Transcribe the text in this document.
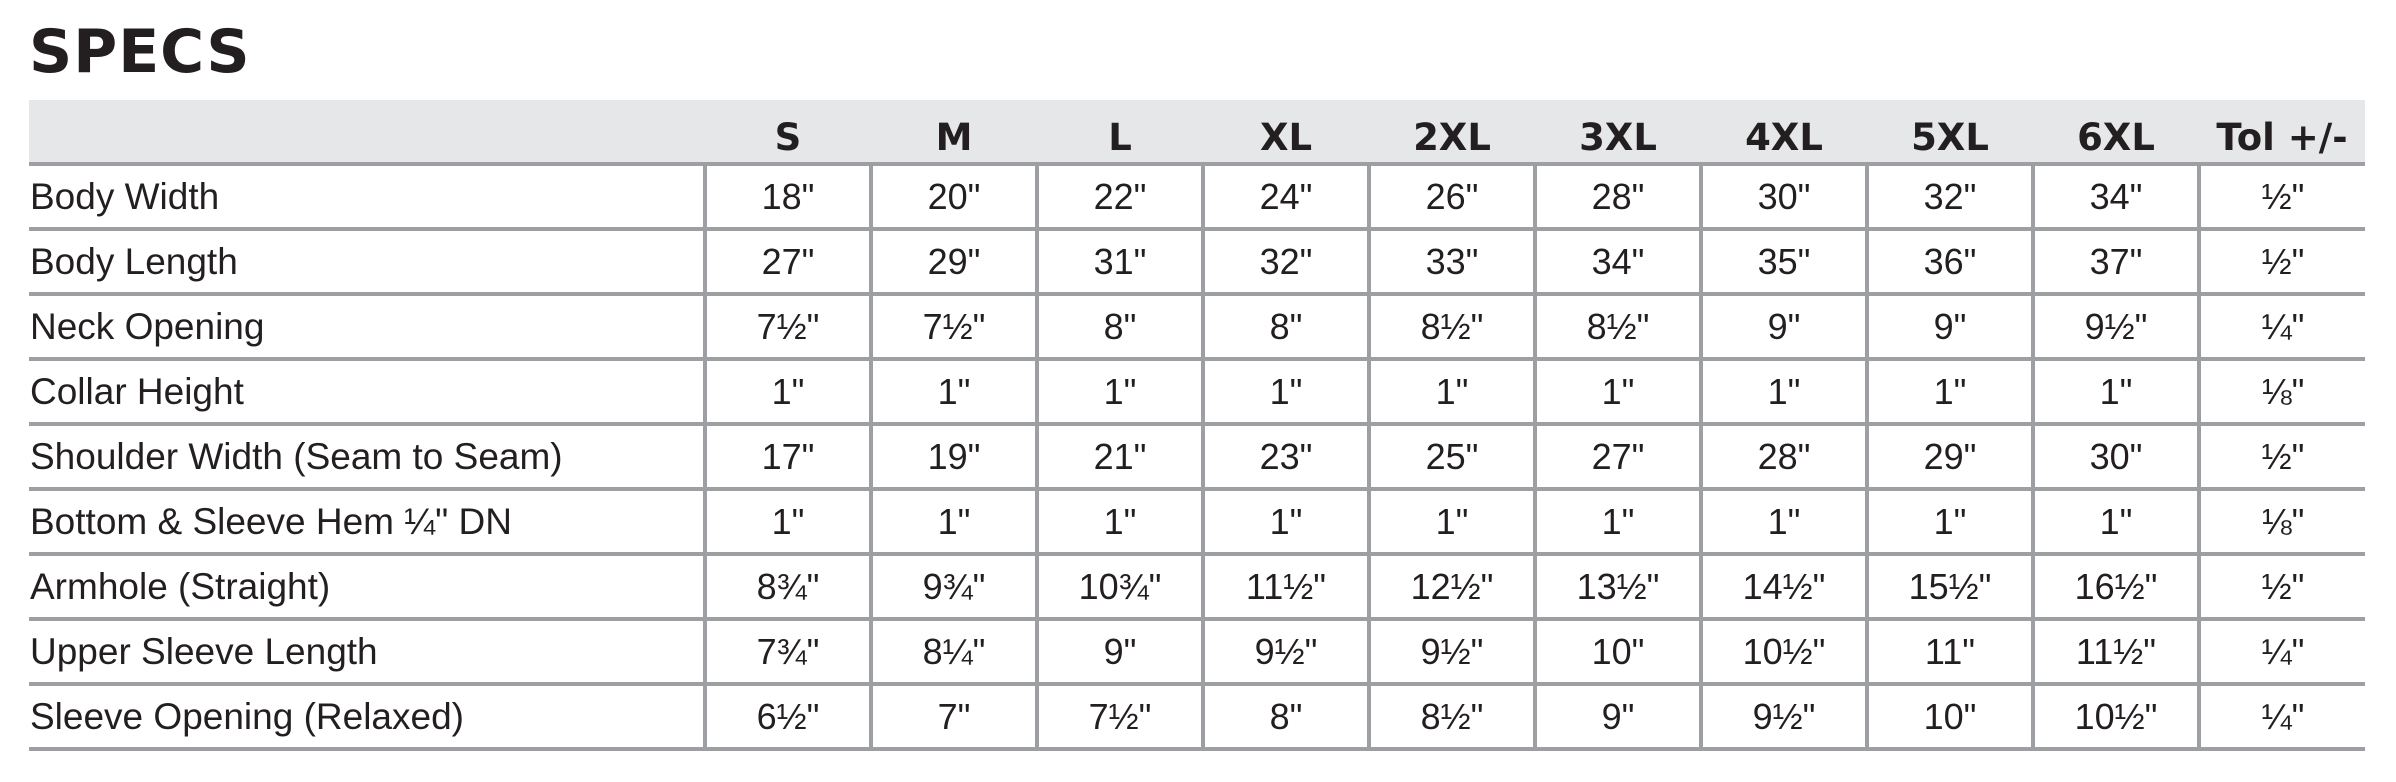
SPECS
	S	M	L	XL	2XL	3XL	4XL	5XL	6XL	Tol +/-
Body Width	18"	20"	22"	24"	26"	28"	30"	32"	34"	½"
Body Length	27"	29"	31"	32"	33"	34"	35"	36"	37"	½"
Neck Opening	7½"	7½"	8"	8"	8½"	8½"	9"	9"	9½"	¼"
Collar Height	1"	1"	1"	1"	1"	1"	1"	1"	1"	⅛"
Shoulder Width (Seam to Seam)	17"	19"	21"	23"	25"	27"	28"	29"	30"	½"
Bottom & Sleeve Hem ¼" DN	1"	1"	1"	1"	1"	1"	1"	1"	1"	⅛"
Armhole (Straight)	8¾"	9¾"	10¾"	11½"	12½"	13½"	14½"	15½"	16½"	½"
Upper Sleeve Length	7¾"	8¼"	9"	9½"	9½"	10"	10½"	11"	11½"	¼"
Sleeve Opening (Relaxed)	6½"	7"	7½"	8"	8½"	9"	9½"	10"	10½"	¼"
